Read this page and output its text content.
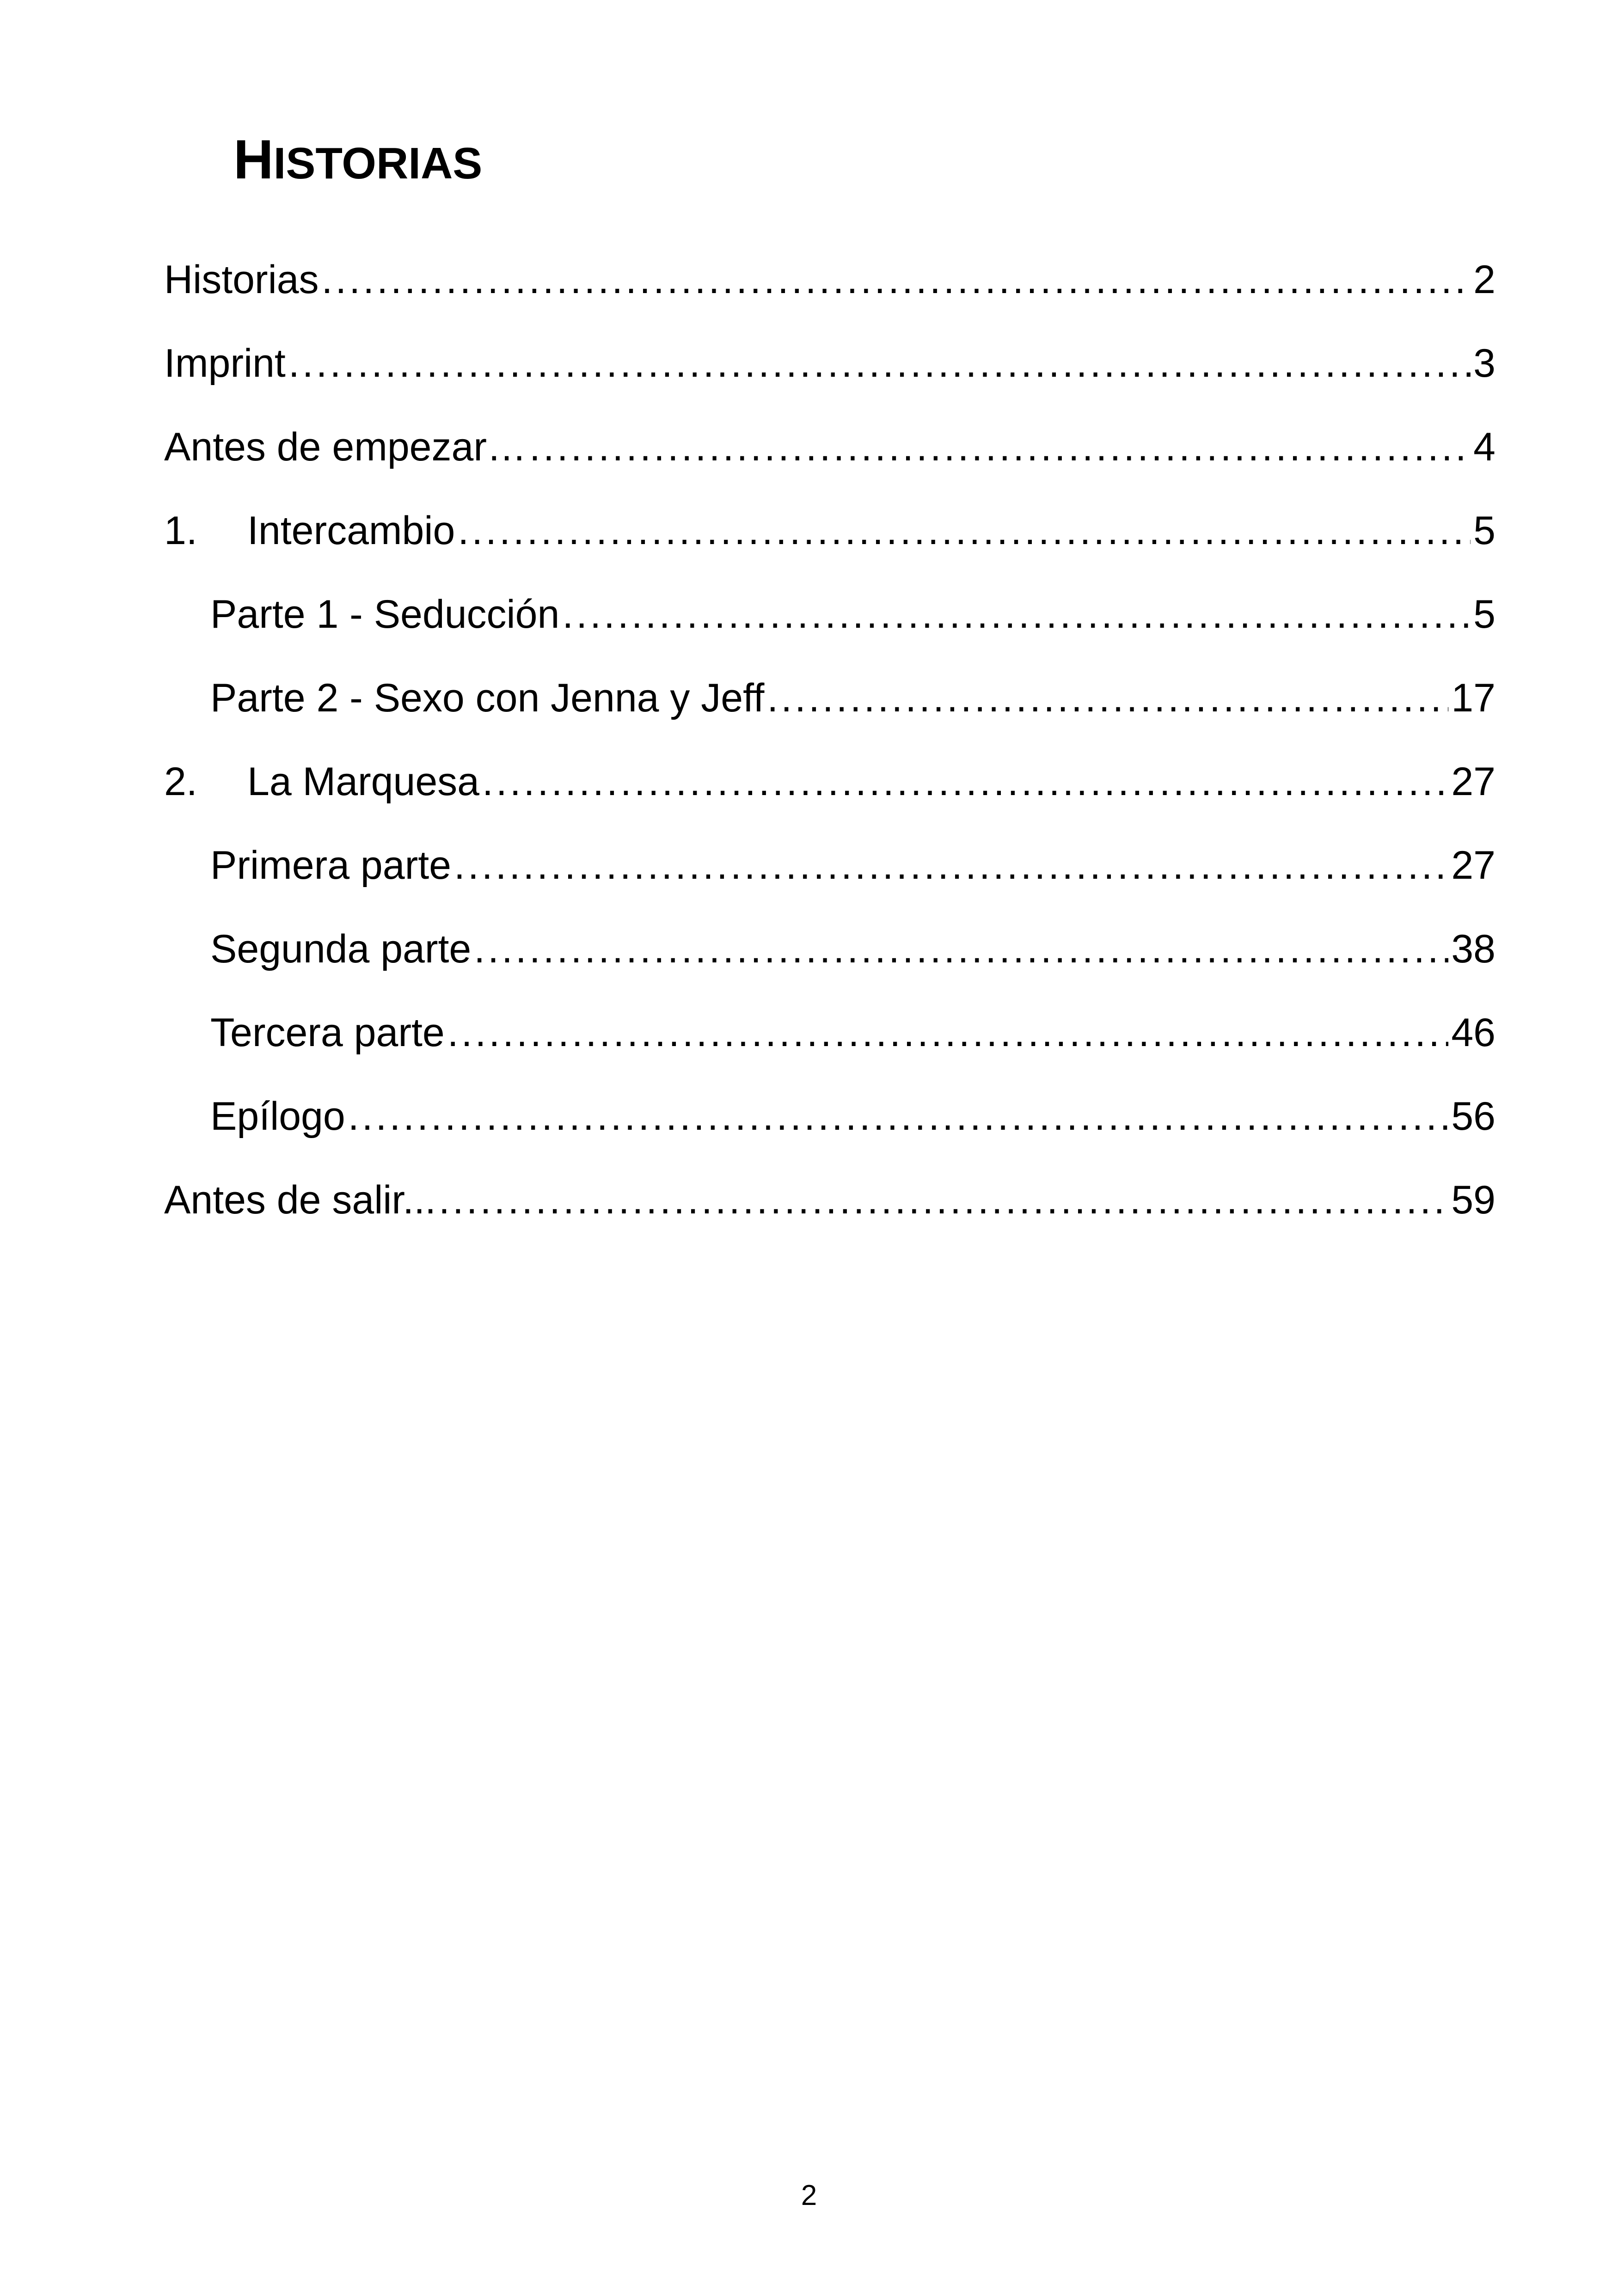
HISTORIAS
Historias .....	2
Imprint .....	3
Antes de empezar… .....	4
1.	Intercambio .....	5
Parte 1 - Seducción .....	5
Parte 2 - Sexo con Jenna y Jeff .....	17
2.	La Marquesa .....	27
Primera parte .....	27
Segunda parte .....	38
Tercera parte .....	46
Epílogo .....	56
Antes de salir... .....	59
2
